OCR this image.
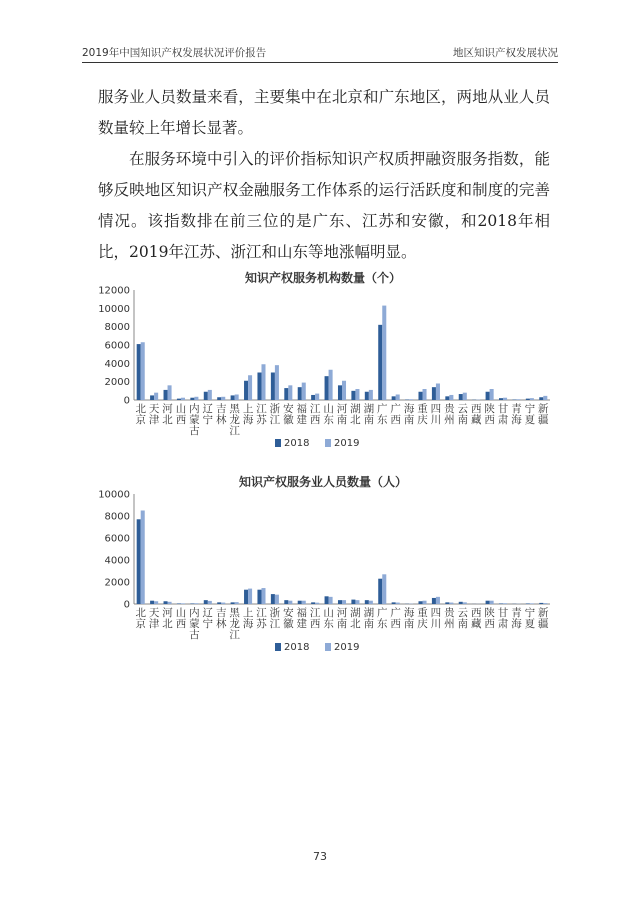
2019年中国知识产权发展状况评价报告	地区知识产权发展状况

服务业人员数量来看，主要集中在北京和广东地区，两地从业人员数量较上年增长显著。

在服务环境中引入的评价指标知识产权质押融资服务指数，能够反映地区知识产权金融服务工作体系的运行活跃度和制度的完善情况。该指数排在前三位的是广东、江苏和安徽，和2018年相比，2019年江苏、浙江和山东等地涨幅明显。

知识产权服务机构数量（个）
0
2000
4000
6000
8000
10000
12000
北
京
天
津
河
北
山
西
内
蒙
古
辽
宁
吉
林
黑
龙
江
上
海
江
苏
浙
江
安
徽
福
建
江
西
山
东
河
南
湖
北
湖
南
广
东
广
西
海
南
重
庆
四
川
贵
州
云
南
西
藏
陕
西
甘
肃
青
海
宁
夏
新
疆
2018 2019
知识产权服务业人员数量（人）
0
2000
4000
6000
8000
10000
北
京
天
津
河
北
山
西
内
蒙
古
辽
宁
吉
林
黑
龙
江
上
海
江
苏
浙
江
安
徽
福
建
江
西
山
东
河
南
湖
北
湖
南
广
东
广
西
海
南
重
庆
四
川
贵
州
云
南
西
藏
陕
西
甘
肃
青
海
宁
夏
新
疆
2018 2019
73
